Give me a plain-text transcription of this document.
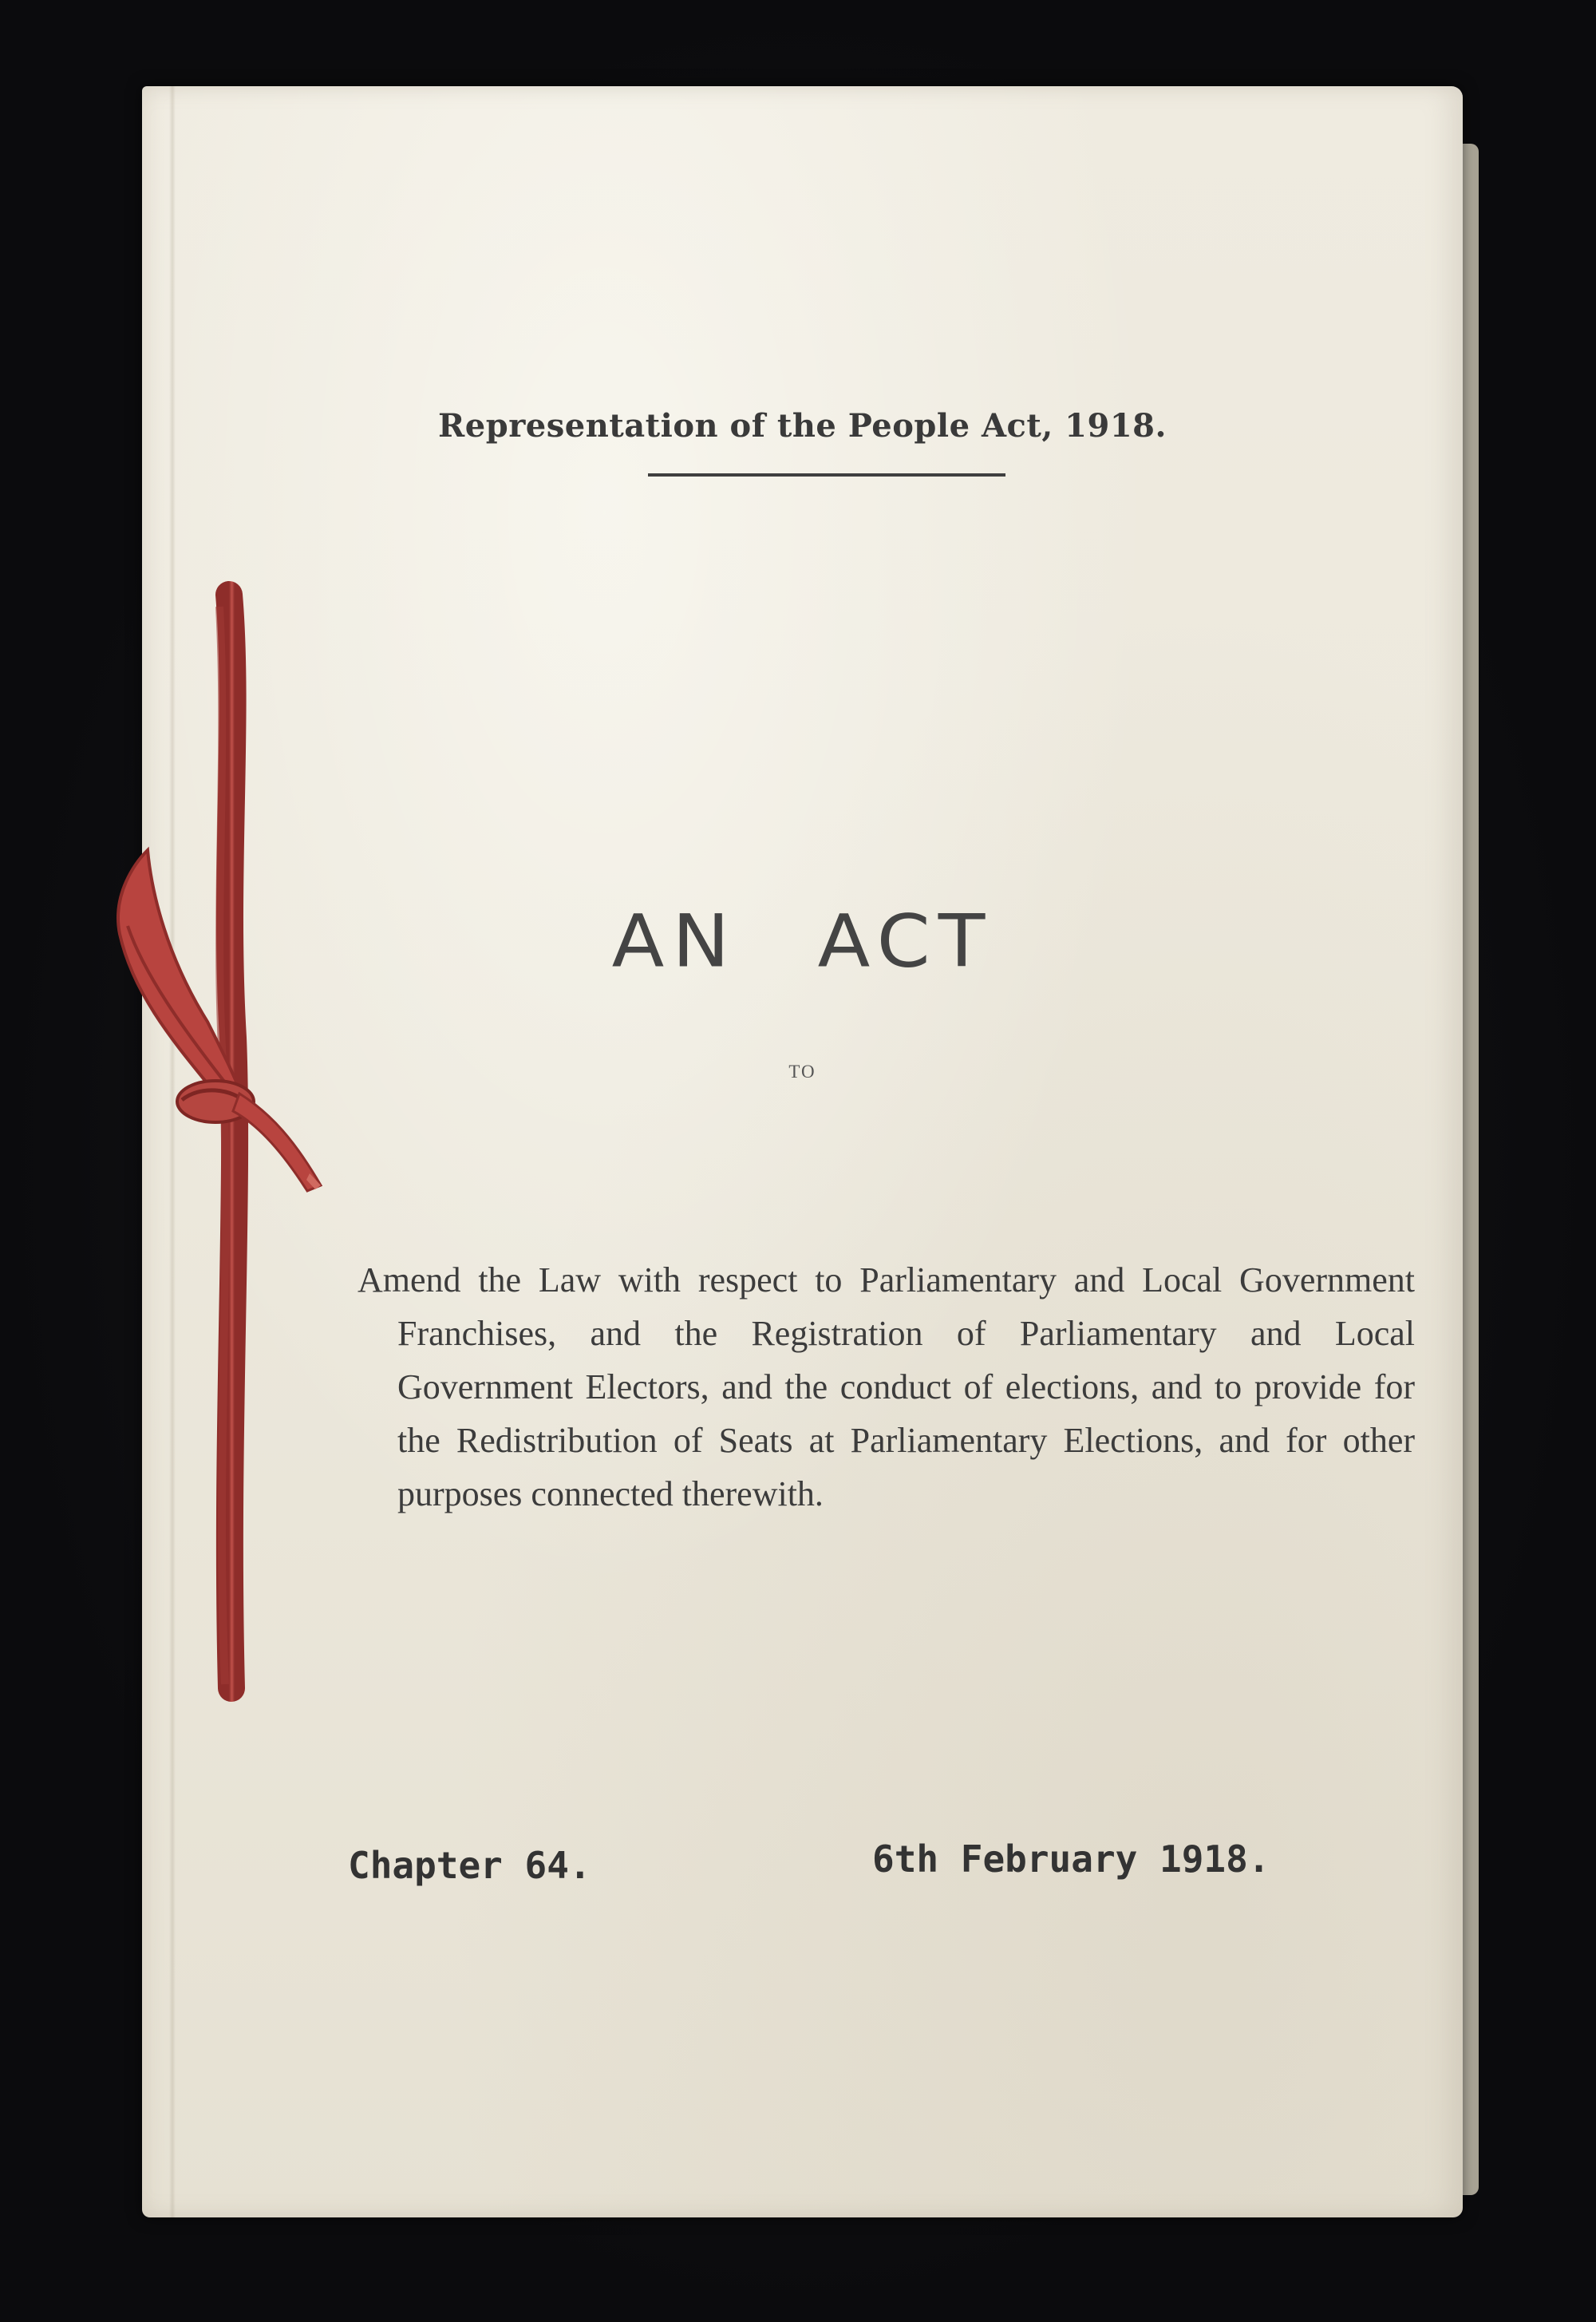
Representation of the People Act, 1918.
AN ACT
TO
Amend the Law with respect to Parliamentary and Local Government Franchises, and the Registration of Parliamentary and Local Government Electors, and the conduct of elections, and to provide for the Redistribution of Seats at Parliamentary Elections, and for other purposes connected therewith.
Chapter 64.	6th February 1918.
